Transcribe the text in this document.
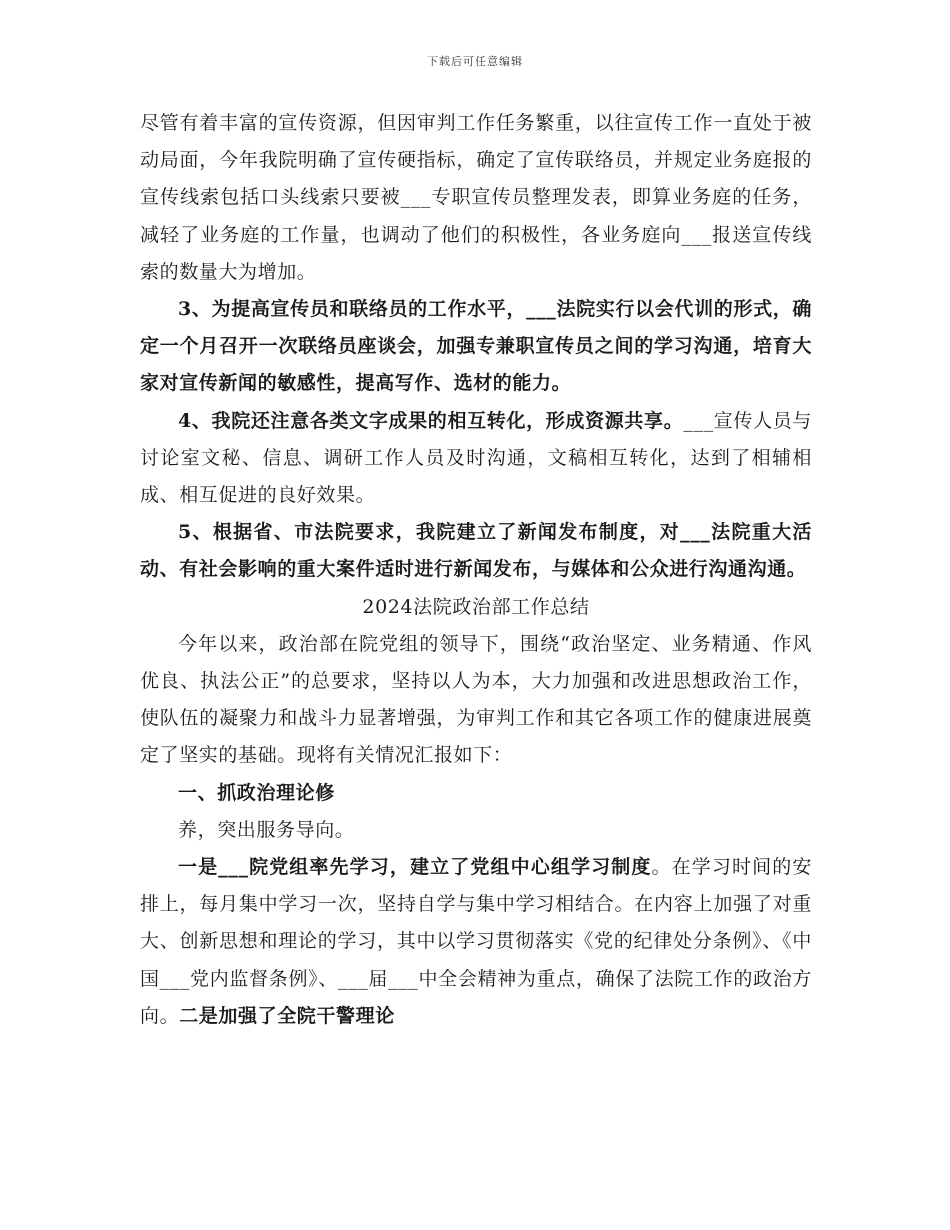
下载后可任意编辑

尽管有着丰富的宣传资源，但因审判工作任务繁重，以往宣传工作一直处于被动局面，今年我院明确了宣传硬指标，确定了宣传联络员，并规定业务庭报的宣传线索包括口头线索只要被___专职宣传员整理发表，即算业务庭的任务，减轻了业务庭的工作量，也调动了他们的积极性，各业务庭向___报送宣传线索的数量大为增加。

3、为提高宣传员和联络员的工作水平，___法院实行以会代训的形式，确定一个月召开一次联络员座谈会，加强专兼职宣传员之间的学习沟通，培育大家对宣传新闻的敏感性，提高写作、选材的能力。

4、我院还注意各类文字成果的相互转化，形成资源共享。___宣传人员与讨论室文秘、信息、调研工作人员及时沟通，文稿相互转化，达到了相辅相成、相互促进的良好效果。

5、根据省、市法院要求，我院建立了新闻发布制度，对___法院重大活动、有社会影响的重大案件适时进行新闻发布，与媒体和公众进行沟通沟通。

2024法院政治部工作总结

今年以来，政治部在院党组的领导下，围绕“政治坚定、业务精通、作风优良、执法公正”的总要求，坚持以人为本，大力加强和改进思想政治工作，使队伍的凝聚力和战斗力显著增强，为审判工作和其它各项工作的健康进展奠定了坚实的基础。现将有关情况汇报如下：

一、抓政治理论修

养，突出服务导向。

一是___院党组率先学习，建立了党组中心组学习制度。在学习时间的安排上，每月集中学习一次，坚持自学与集中学习相结合。在内容上加强了对重大、创新思想和理论的学习，其中以学习贯彻落实《党的纪律处分条例》、《中国___党内监督条例》、___届___中全会精神为重点，确保了法院工作的政治方向。二是加强了全院干警理论
